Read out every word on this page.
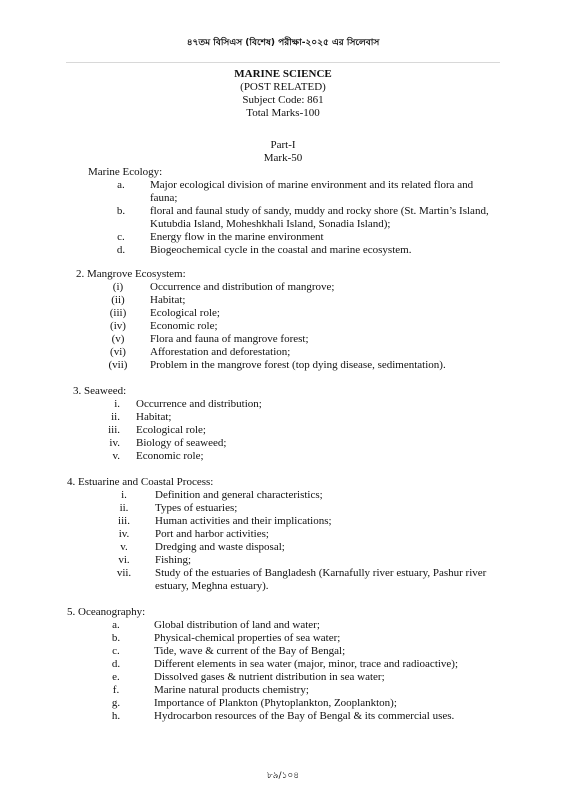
৪৭তম বিসিএস (বিশেষ) পরীক্ষা-২০২৫ এর সিলেবাস
MARINE SCIENCE
(POST RELATED)
Subject Code: 861
Total Marks-100
Part-I
Mark-50
Marine Ecology:
a.	Major ecological division of marine environment and its related flora and fauna;
b.	floral and faunal study of sandy, muddy and rocky shore (St. Martin’s Island, Kutubdia Island, Moheshkhali Island, Sonadia Island);
c.	Energy flow in the marine environment
d.	Biogeochemical cycle in the coastal and marine ecosystem.
2. Mangrove Ecosystem:
(i)	Occurrence and distribution of mangrove;
(ii)	Habitat;
(iii)	Ecological role;
(iv)	Economic role;
(v)	Flora and fauna of mangrove forest;
(vi)	Afforestation and deforestation;
(vii)	Problem in the mangrove forest (top dying disease, sedimentation).
3. Seaweed:
i. Occurrence and distribution;
ii. Habitat;
iii. Ecological role;
iv. Biology of seaweed;
v. Economic role;
4. Estuarine and Coastal Process:
i.	Definition and general characteristics;
ii.	Types of estuaries;
iii.	Human activities and their implications;
iv.	Port and harbor activities;
v.	Dredging and waste disposal;
vi.	Fishing;
vii.	Study of the estuaries of Bangladesh (Karnafully river estuary, Pashur river estuary, Meghna estuary).
5. Oceanography:
a.	Global distribution of land and water;
b.	Physical-chemical properties of sea water;
c.	Tide, wave & current of the Bay of Bengal;
d.	Different elements in sea water (major, minor, trace and radioactive);
e.	Dissolved gases & nutrient distribution in sea water;
f.	Marine natural products chemistry;
g.	Importance of Plankton (Phytoplankton, Zooplankton);
h.	Hydrocarbon resources of the Bay of Bengal & its commercial uses.
৮৯/১০৪
